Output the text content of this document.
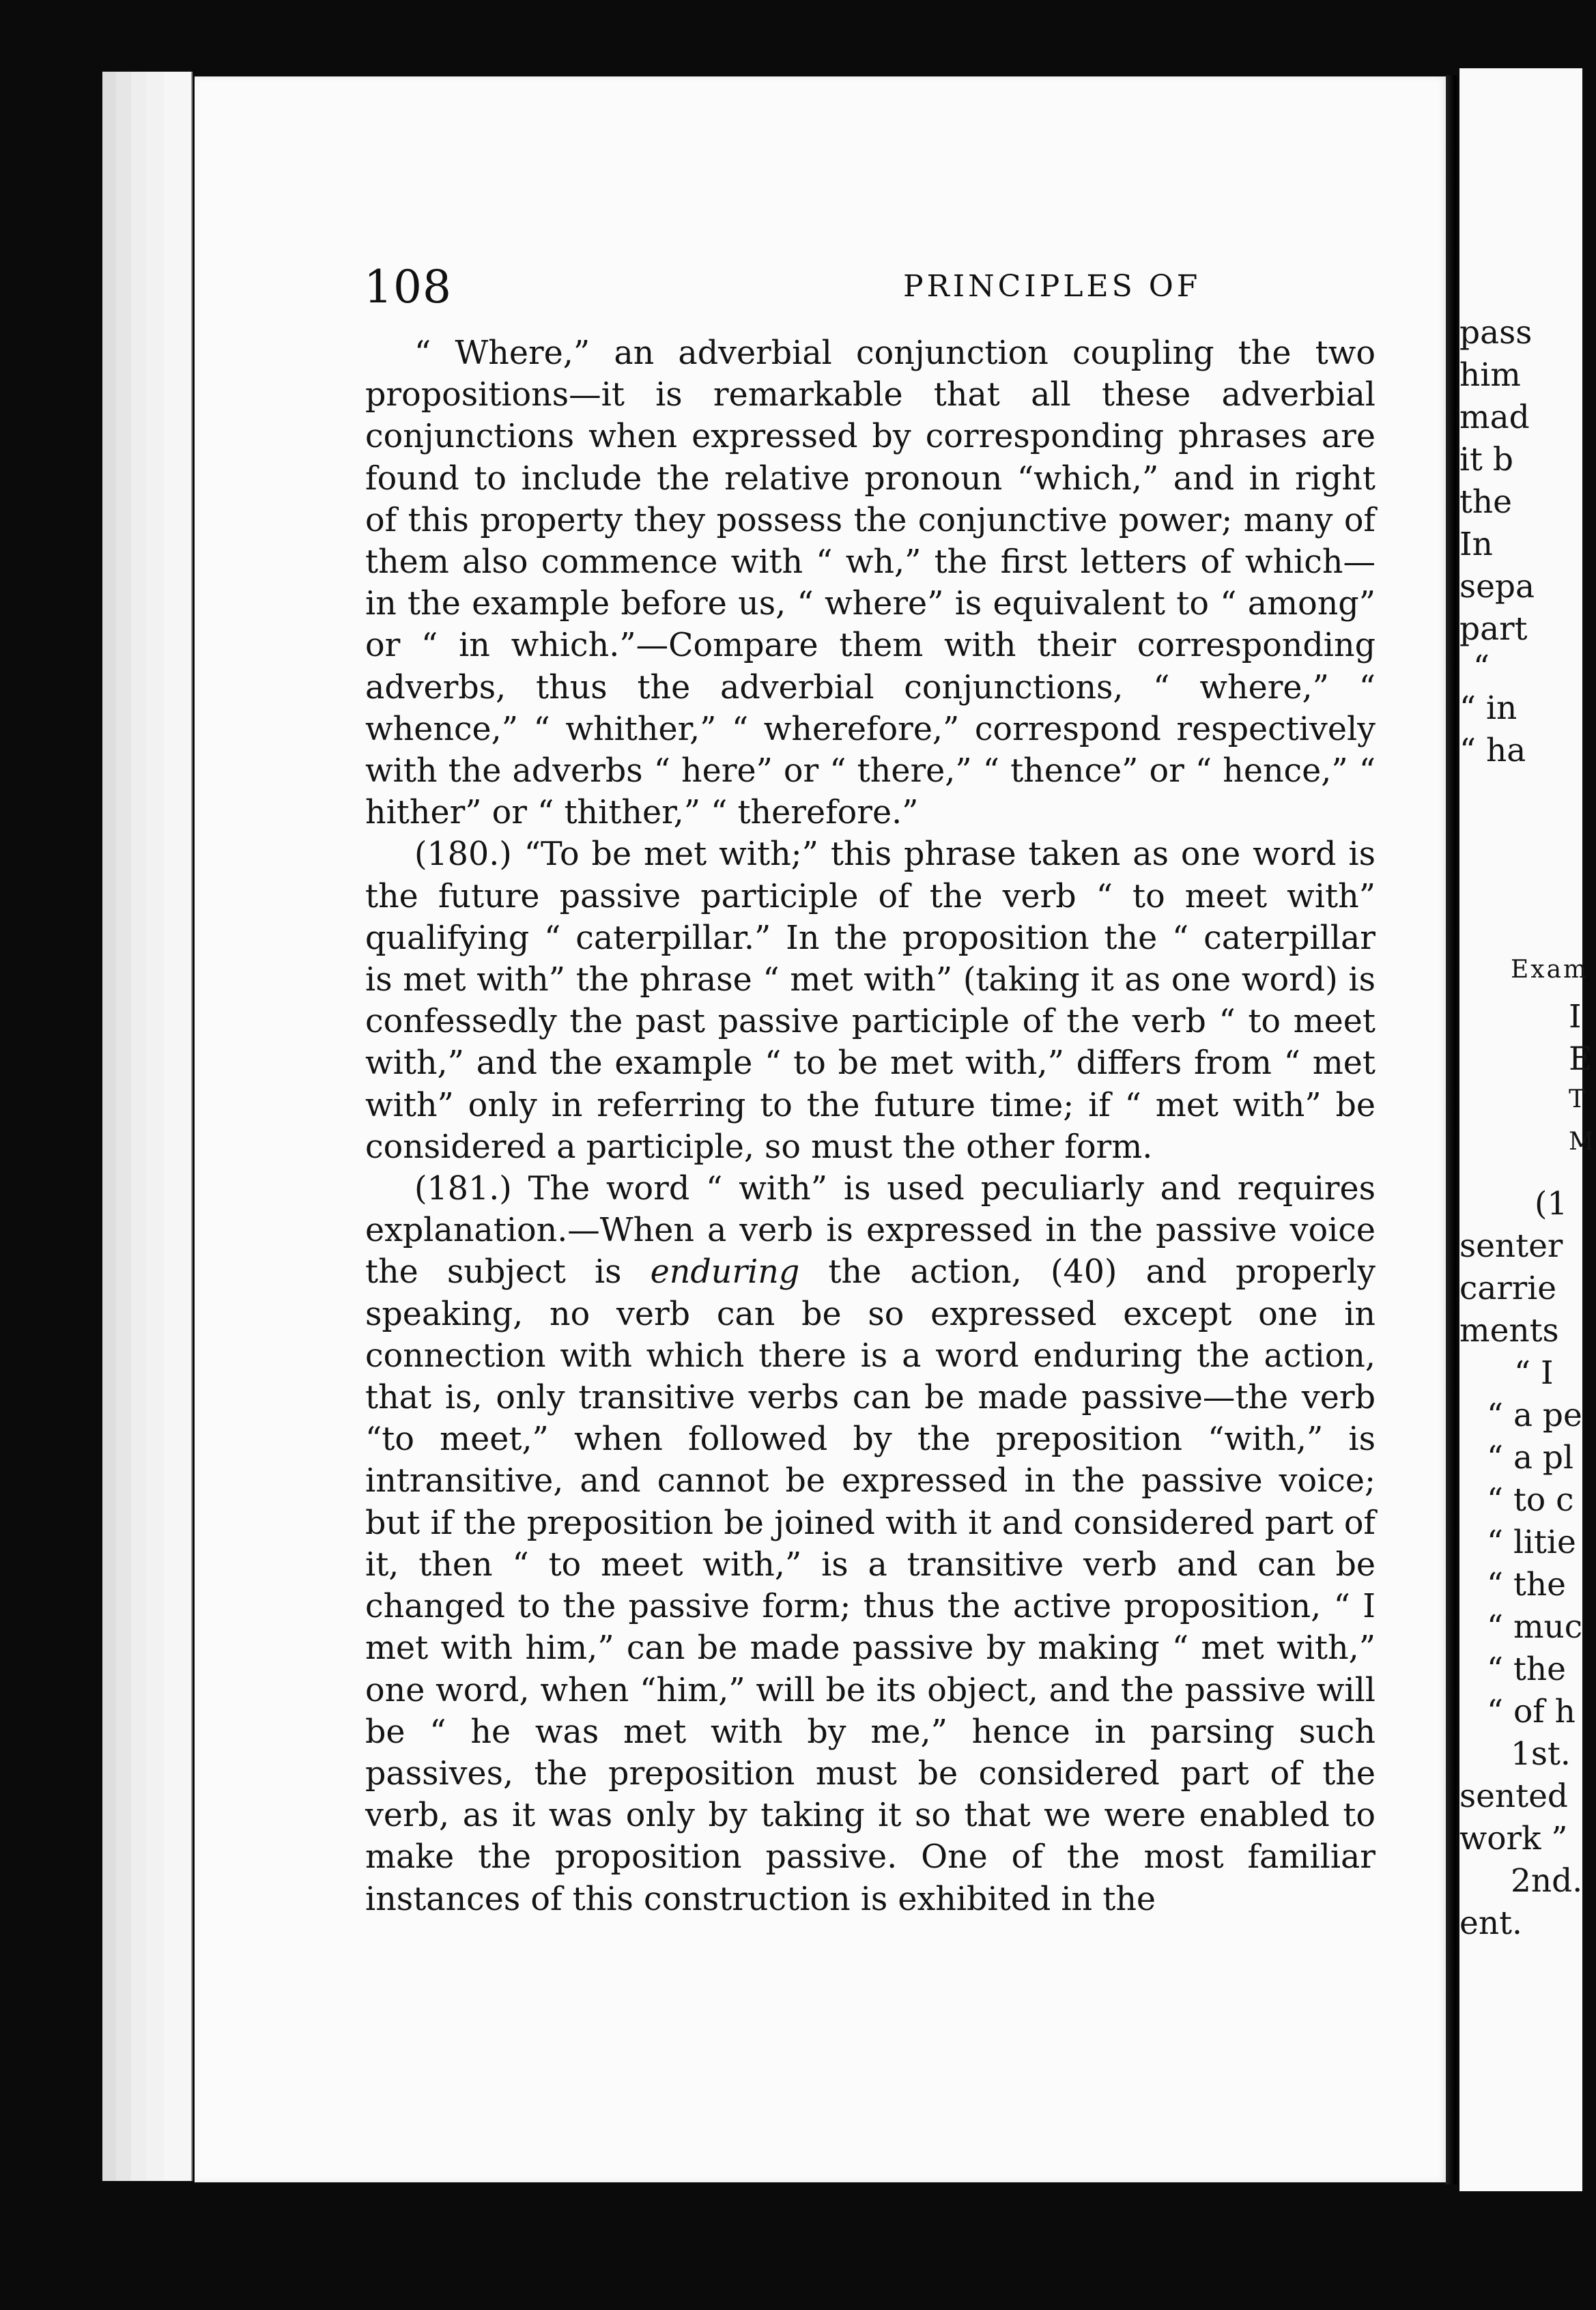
108	PRINCIPLES OF

“ Where,” an adverbial conjunction coupling the two propositions—it is remarkable that all these adverbial conjunctions when expressed by corresponding phrases are found to include the relative pronoun “which,” and in right of this property they possess the conjunctive power; many of them also commence with “ wh,” the first letters of which—in the example before us, “ where” is equivalent to “ among” or “ in which.”—Compare them with their corresponding adverbs, thus the adverbial conjunctions, “ where,” “ whence,” “ whither,” “ wherefore,” correspond respectively with the adverbs “ here” or “ there,” “ thence” or “ hence,” “ hither” or “ thither,” “ therefore.”

(180.) “To be met with;” this phrase taken as one word is the future passive participle of the verb “ to meet with” qualifying “ caterpillar.” In the proposition the “ caterpillar is met with” the phrase “ met with” (taking it as one word) is confessedly the past passive participle of the verb “ to meet with,” and the example “ to be met with,” differs from “ met with” only in referring to the future time; if “ met with” be considered a participle, so must the other form.

(181.) The word “ with” is used peculiarly and requires explanation.—When a verb is expressed in the passive voice the subject is enduring the action, (40) and properly speaking, no verb can be so expressed except one in connection with which there is a word enduring the action, that is, only transitive verbs can be made passive—the verb “to meet,” when followed by the preposition “with,” is intransitive, and cannot be expressed in the passive voice; but if the preposition be joined with it and considered part of it, then “ to meet with,” is a transitive verb and can be changed to the passive form; thus the active proposition, “ I met with him,” can be made passive by making “ met with,” one word, when “him,” will be its object, and the passive will be “ he was met with by me,” hence in parsing such passives, the preposition must be considered part of the verb, as it was only by taking it so that we were enabled to make the proposition passive. One of the most familiar instances of this construction is exhibited in the

pass
him
mad
it b
the
In
sepa
part
“
“ in
“ ha
Exam
I
E
T
M
(1
senter
carrie
ments
“ I
“ a pe
“ a pl
“ to c
“ litie
“ the
“ muc
“ the
“ of h
1st.
sented
work ”
2nd.
ent.
